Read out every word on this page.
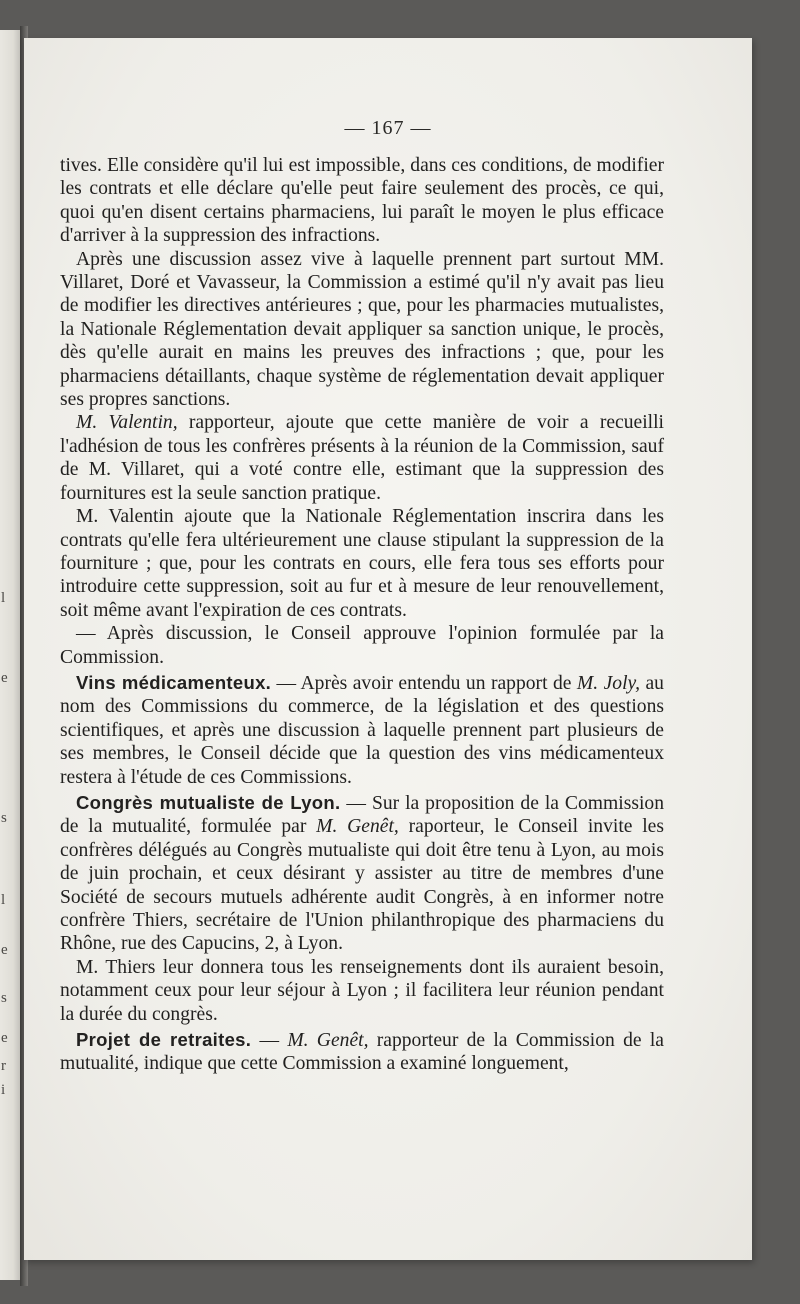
l
e
s
l
e
s
e
r
i
— 167 —

tives. Elle considère qu'il lui est impossible, dans ces conditions, de modifier les contrats et elle déclare qu'elle peut faire seulement des procès, ce qui, quoi qu'en disent certains pharmaciens, lui paraît le moyen le plus efficace d'arriver à la suppression des infractions.

Après une discussion assez vive à laquelle prennent part surtout MM. Villaret, Doré et Vavasseur, la Commission a estimé qu'il n'y avait pas lieu de modifier les directives antérieures ; que, pour les pharmacies mutualistes, la Nationale Réglementation devait appliquer sa sanction unique, le procès, dès qu'elle aurait en mains les preuves des infractions ; que, pour les pharmaciens détaillants, chaque système de réglementation devait appliquer ses propres sanctions.

M. Valentin, rapporteur, ajoute que cette manière de voir a recueilli l'adhésion de tous les confrères présents à la réunion de la Commission, sauf de M. Villaret, qui a voté contre elle, estimant que la suppression des fournitures est la seule sanction pratique.

M. Valentin ajoute que la Nationale Réglementation inscrira dans les contrats qu'elle fera ultérieurement une clause stipulant la suppression de la fourniture ; que, pour les contrats en cours, elle fera tous ses efforts pour introduire cette suppression, soit au fur et à mesure de leur renouvellement, soit même avant l'expiration de ces contrats.

— Après discussion, le Conseil approuve l'opinion formulée par la Commission.

Vins médicamenteux. — Après avoir entendu un rapport de M. Joly, au nom des Commissions du commerce, de la législation et des questions scientifiques, et après une discussion à laquelle prennent part plusieurs de ses membres, le Conseil décide que la question des vins médicamenteux restera à l'étude de ces Commissions.

Congrès mutualiste de Lyon. — Sur la proposition de la Commission de la mutualité, formulée par M. Genêt, raporteur, le Conseil invite les confrères délégués au Congrès mutualiste qui doit être tenu à Lyon, au mois de juin prochain, et ceux désirant y assister au titre de membres d'une Société de secours mutuels adhérente audit Congrès, à en informer notre confrère Thiers, secrétaire de l'Union philanthropique des pharmaciens du Rhône, rue des Capucins, 2, à Lyon.

M. Thiers leur donnera tous les renseignements dont ils auraient besoin, notamment ceux pour leur séjour à Lyon ; il facilitera leur réunion pendant la durée du congrès.

Projet de retraites. — M. Genêt, rapporteur de la Commission de la mutualité, indique que cette Commission a examiné longuement,
